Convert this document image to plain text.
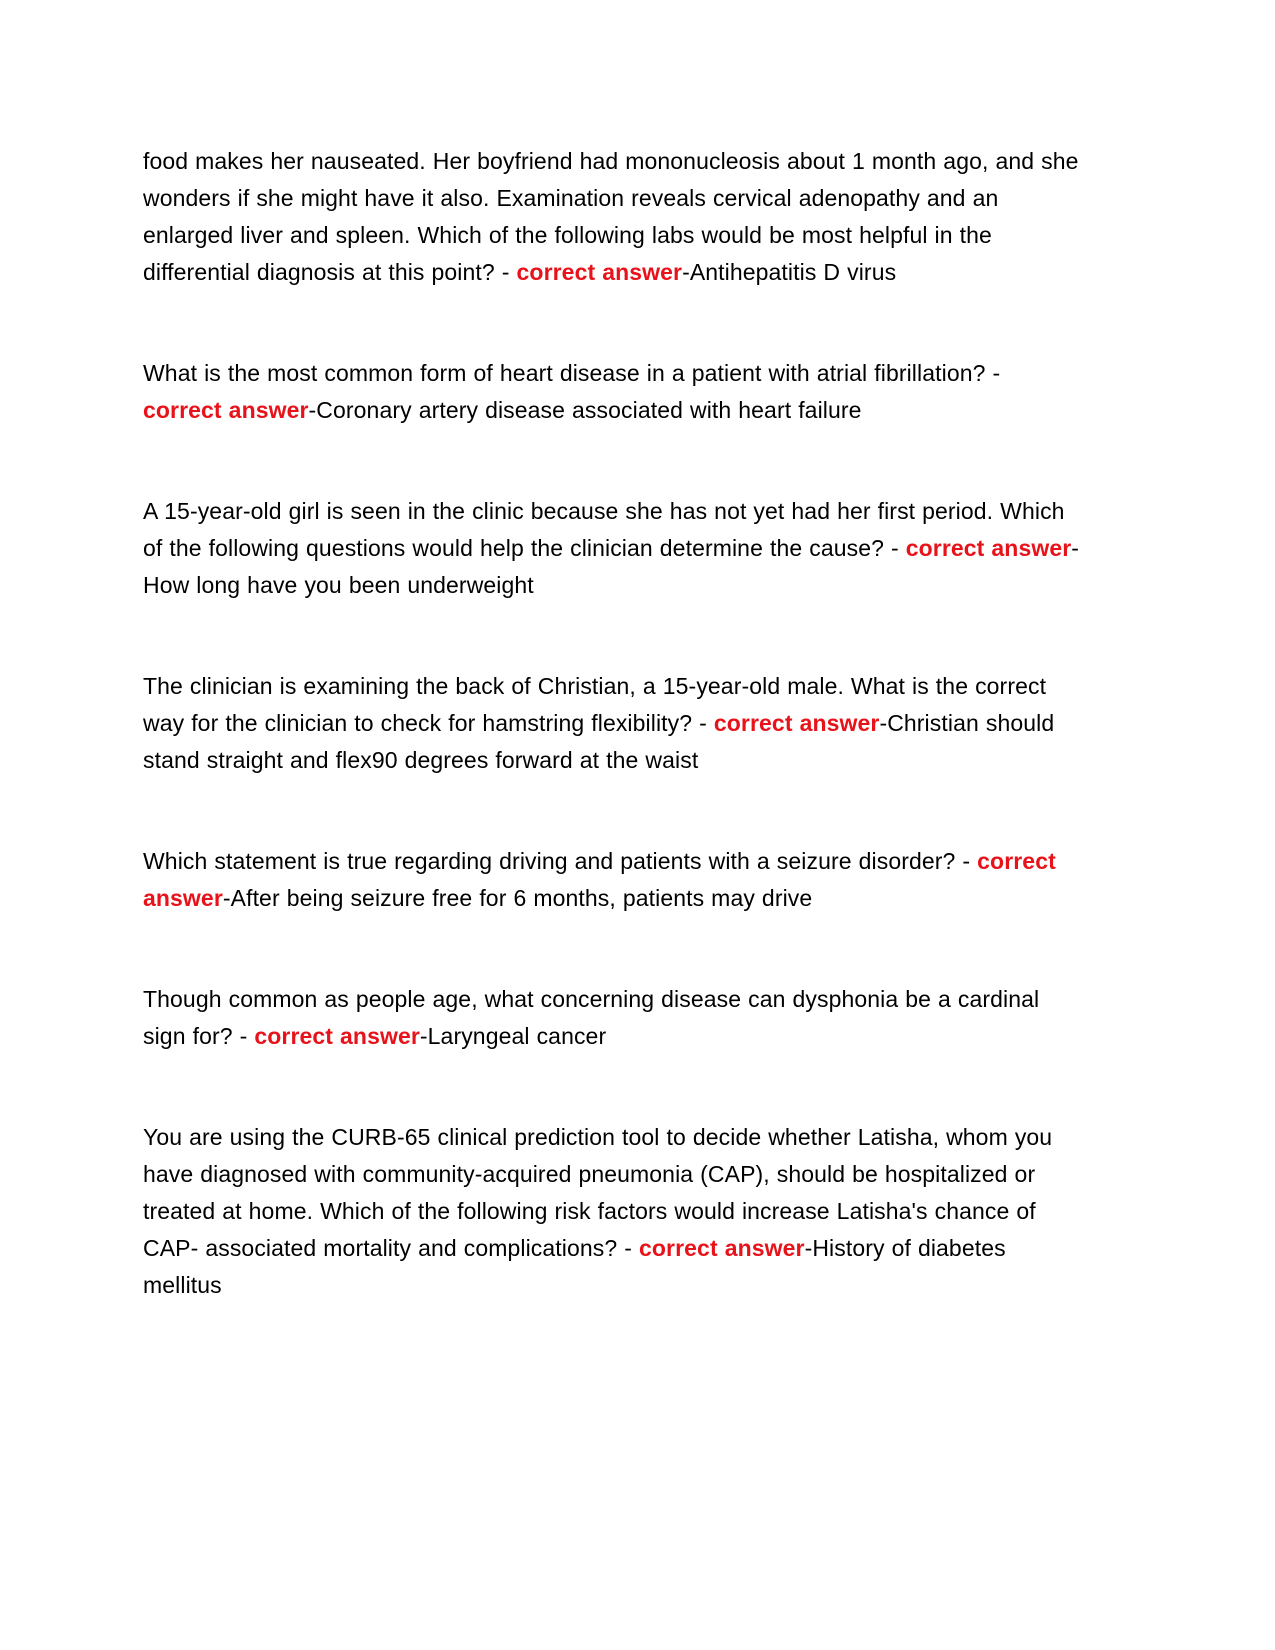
food makes her nauseated. Her boyfriend had mononucleosis about 1 month ago, and she wonders if she might have it also. Examination reveals cervical adenopathy and an enlarged liver and spleen. Which of the following labs would be most helpful in the differential diagnosis at this point? - correct answer-Antihepatitis D virus

What is the most common form of heart disease in a patient with atrial fibrillation? - correct answer-Coronary artery disease associated with heart failure

A 15-year-old girl is seen in the clinic because she has not yet had her first period. Which of the following questions would help the clinician determine the cause? - correct answer-How long have you been underweight

The clinician is examining the back of Christian, a 15-year-old male. What is the correct way for the clinician to check for hamstring flexibility? - correct answer-Christian should stand straight and flex90 degrees forward at the waist

Which statement is true regarding driving and patients with a seizure disorder? - correct answer-After being seizure free for 6 months, patients may drive

Though common as people age, what concerning disease can dysphonia be a cardinal sign for? - correct answer-Laryngeal cancer

You are using the CURB-65 clinical prediction tool to decide whether Latisha, whom you have diagnosed with community-acquired pneumonia (CAP), should be hospitalized or treated at home. Which of the following risk factors would increase Latisha's chance of CAP- associated mortality and complications? - correct answer-History of diabetes mellitus
